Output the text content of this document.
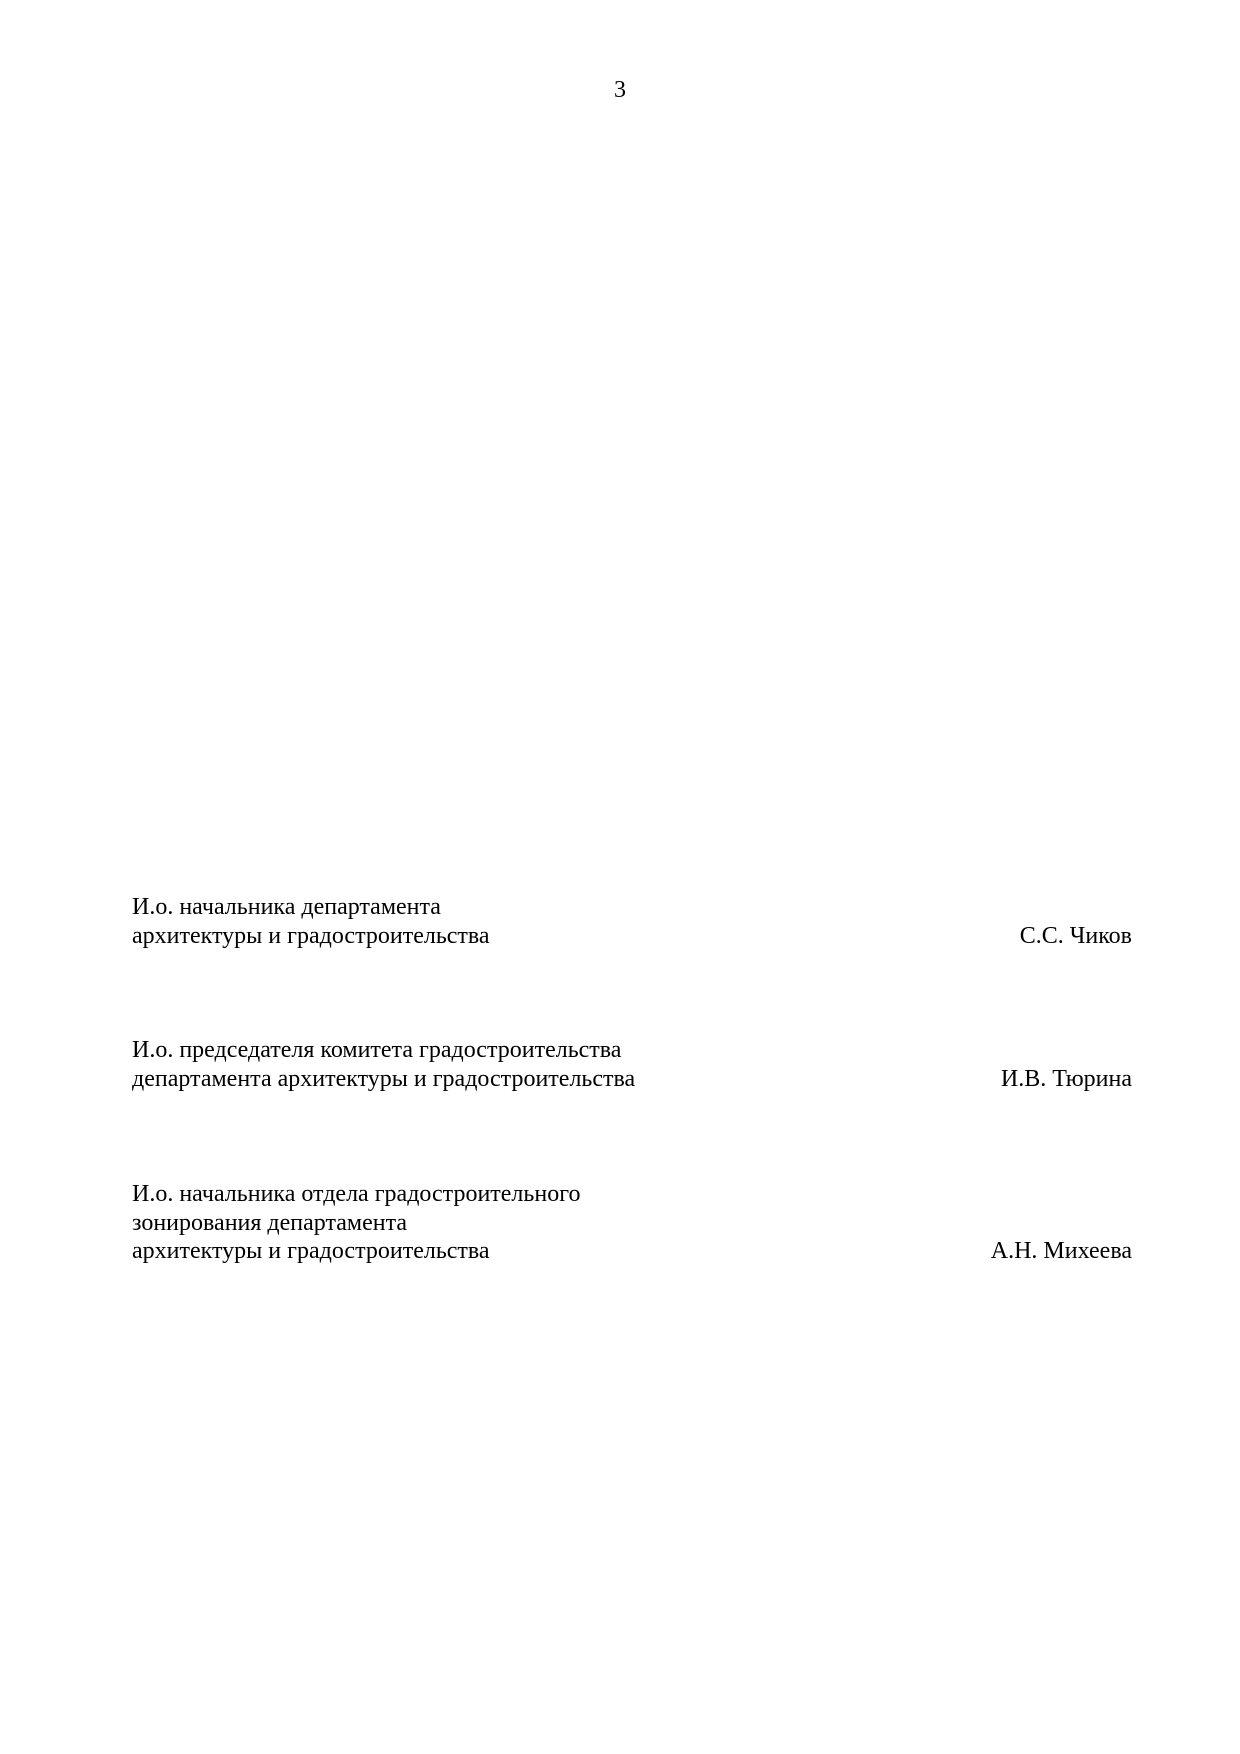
3
И.о. начальника департамента
архитектуры и градостроительства	С.С. Чиков
И.о. председателя комитета градостроительства
департамента архитектуры и градостроительства	И.В. Тюрина
И.о. начальника отдела градостроительного
зонирования департамента
архитектуры и градостроительства	А.Н. Михеева
